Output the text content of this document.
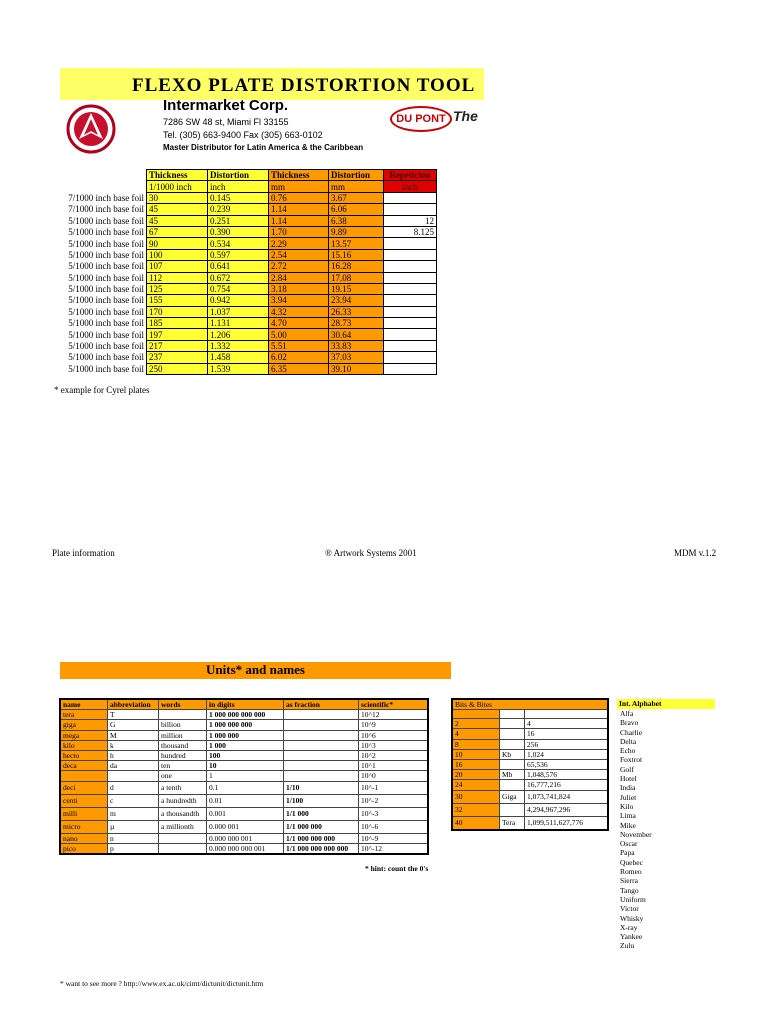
FLEXO PLATE DISTORTION TOOL
Intermarket Corp.
7286 SW 48 st, Miami Fl 33155
Tel. (305) 663-9400 Fax (305) 663-0102
Master Distributor for Latin America & the Caribbean
DU PONT The
	Thickness	Distortion	Thickness	Distortion	Repeticion
	1/1000 inch	inch	mm	mm	inch
7/1000 inch base foil	30	0.145	0.76	3.67	
7/1000 inch base foil	45	0.239	1.14	6.06	
5/1000 inch base foil	45	0.251	1.14	6.38	12
5/1000 inch base foil	67	0.390	1.70	9.89	8.125
5/1000 inch base foil	90	0.534	2.29	13.57	
5/1000 inch base foil	100	0.597	2.54	15.16	
5/1000 inch base foil	107	0.641	2.72	16.28	
5/1000 inch base foil	112	0.672	2.84	17.08	
5/1000 inch base foil	125	0.754	3.18	19.15	
5/1000 inch base foil	155	0.942	3.94	23.94	
5/1000 inch base foil	170	1.037	4.32	26.33	
5/1000 inch base foil	185	1.131	4.70	28.73	
5/1000 inch base foil	197	1.206	5.00	30.64	
5/1000 inch base foil	217	1.332	5.51	33.83	
5/1000 inch base foil	237	1.458	6.02	37.03	
5/1000 inch base foil	250	1.539	6.35	39.10	
* example for Cyrel plates
Plate information	® Artwork Systems 2001	MDM v.1.2
Units* and names
name	abbreviation	words	in digits	as fraction	scientific*
tera	T		1 000 000 000 000		10^12
giga	G	billion	1 000 000 000		10^9
mega	M	million	1 000 000		10^6
kilo	k	thousand	1 000		10^3
hecto	h	hundred	100		10^2
deca	da	ten	10		10^1
		one	1		10^0
deci	d	a tenth	0.1	1/10	10^-1
centi	c	a hundredth	0.01	1/100	10^-2
milli	m	a thousandth	0.001	1/1 000	10^-3
micro	µ	a millionth	0.000 001	1/1 000 000	10^-6
nano	n		0.000 000 001	1/1 000 000 000	10^-9
pico	p		0.000 000 000 001	1/1 000 000 000 000	10^-12
* hint: count the 0's
Bits & Bites		

2		4
4		16
8		256
10	Kb	1,024
16		65,536
20	Mb	1,048,576
24		16,777,216
30	Giga	1,073,741,824
32		4,294,967,296
40	Tera	1,099,511,627,776
Int. Alphabet
Alfa
Bravo
Charlie
Delta
Echo
Foxtrot
Golf
Hotel
India
Juliet
Kilo
Lima
Mike
November
Oscar
Papa
Quebec
Romeo
Sierra
Tango
Uniform
Victor
Whisky
X-ray
Yankee
Zulu
* want to see more ? http://www.ex.ac.uk/cimt/dictunit/dictunit.htm
